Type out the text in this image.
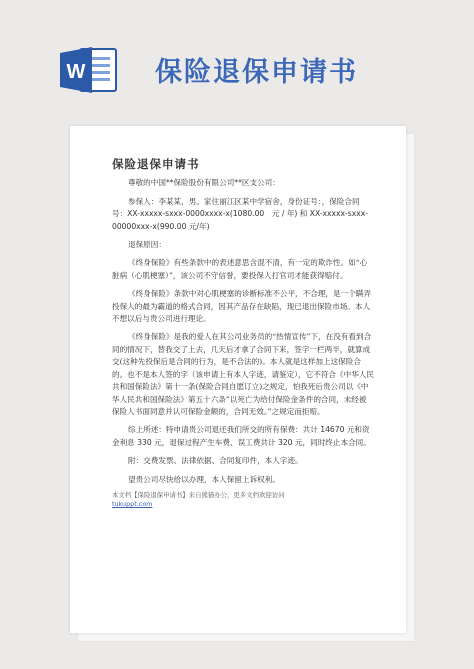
W	保险退保申请书

保险退保申请书

尊敬的中国**保险股份有限公司**区支公司：

参保人：李某某，男。家住丽江区某中学宿舍，身份证号：，保险合同号：XX-xxxxx-sxxx-0000xxxx-x(1080.00　元 / 年) 和 XX-xxxxx-sxxx-00000xxx-x(990.00 元/年)

退保原因：

《终身保险》有些条款中的表述意思含混不清，有一定的欺诈性。如“心脏病（心肌梗塞）”，该公司不守信誉，要投保人打官司才能获得赔付。

《终身保险》条款中对心肌梗塞的诊断标准不公平，不合理，是一个瞒弄投保人的最为霸道的格式合同，因其产品存在缺陷，现已退出保险市场。本人不想以后与贵公司进行理论。

《终身保险》是我的爱人在其公司业务员的“热情宣传”下，在没有看到合同的情况下，替我交了上去，几天后才拿了合同下来，签字一栏两半，就算成交(这种先投保后是合同的行为，是不合法的)。本人就是这样加上这保险合的。也不是本人签的字（该申请上有本人字迹，请鉴定），它不符合《中华人民共和国保险法》第十一条(保险合同自愿订立)之规定，怕我死后贵公司以《中华人民共和国保险法》第五十六条”以死亡为给付保险金条件的合同，未经被保险人书面同意并认可保险金额的，合同无效。”之规定而拒赔。

综上所述：特申请贵公司退还我们所交的所有保费：共计 14670 元和资金利息 330 元，退保过程产生车费、误工费共计 320 元，同时终止本合同。

附：交费发票、法律依据、合同复印件，本人字迹。

望贵公司尽快给以办理，本人保留上诉权利。

本文档【保险退保申请书】来自熊猫办公，更多文档欢迎访问
tukuppt.com
